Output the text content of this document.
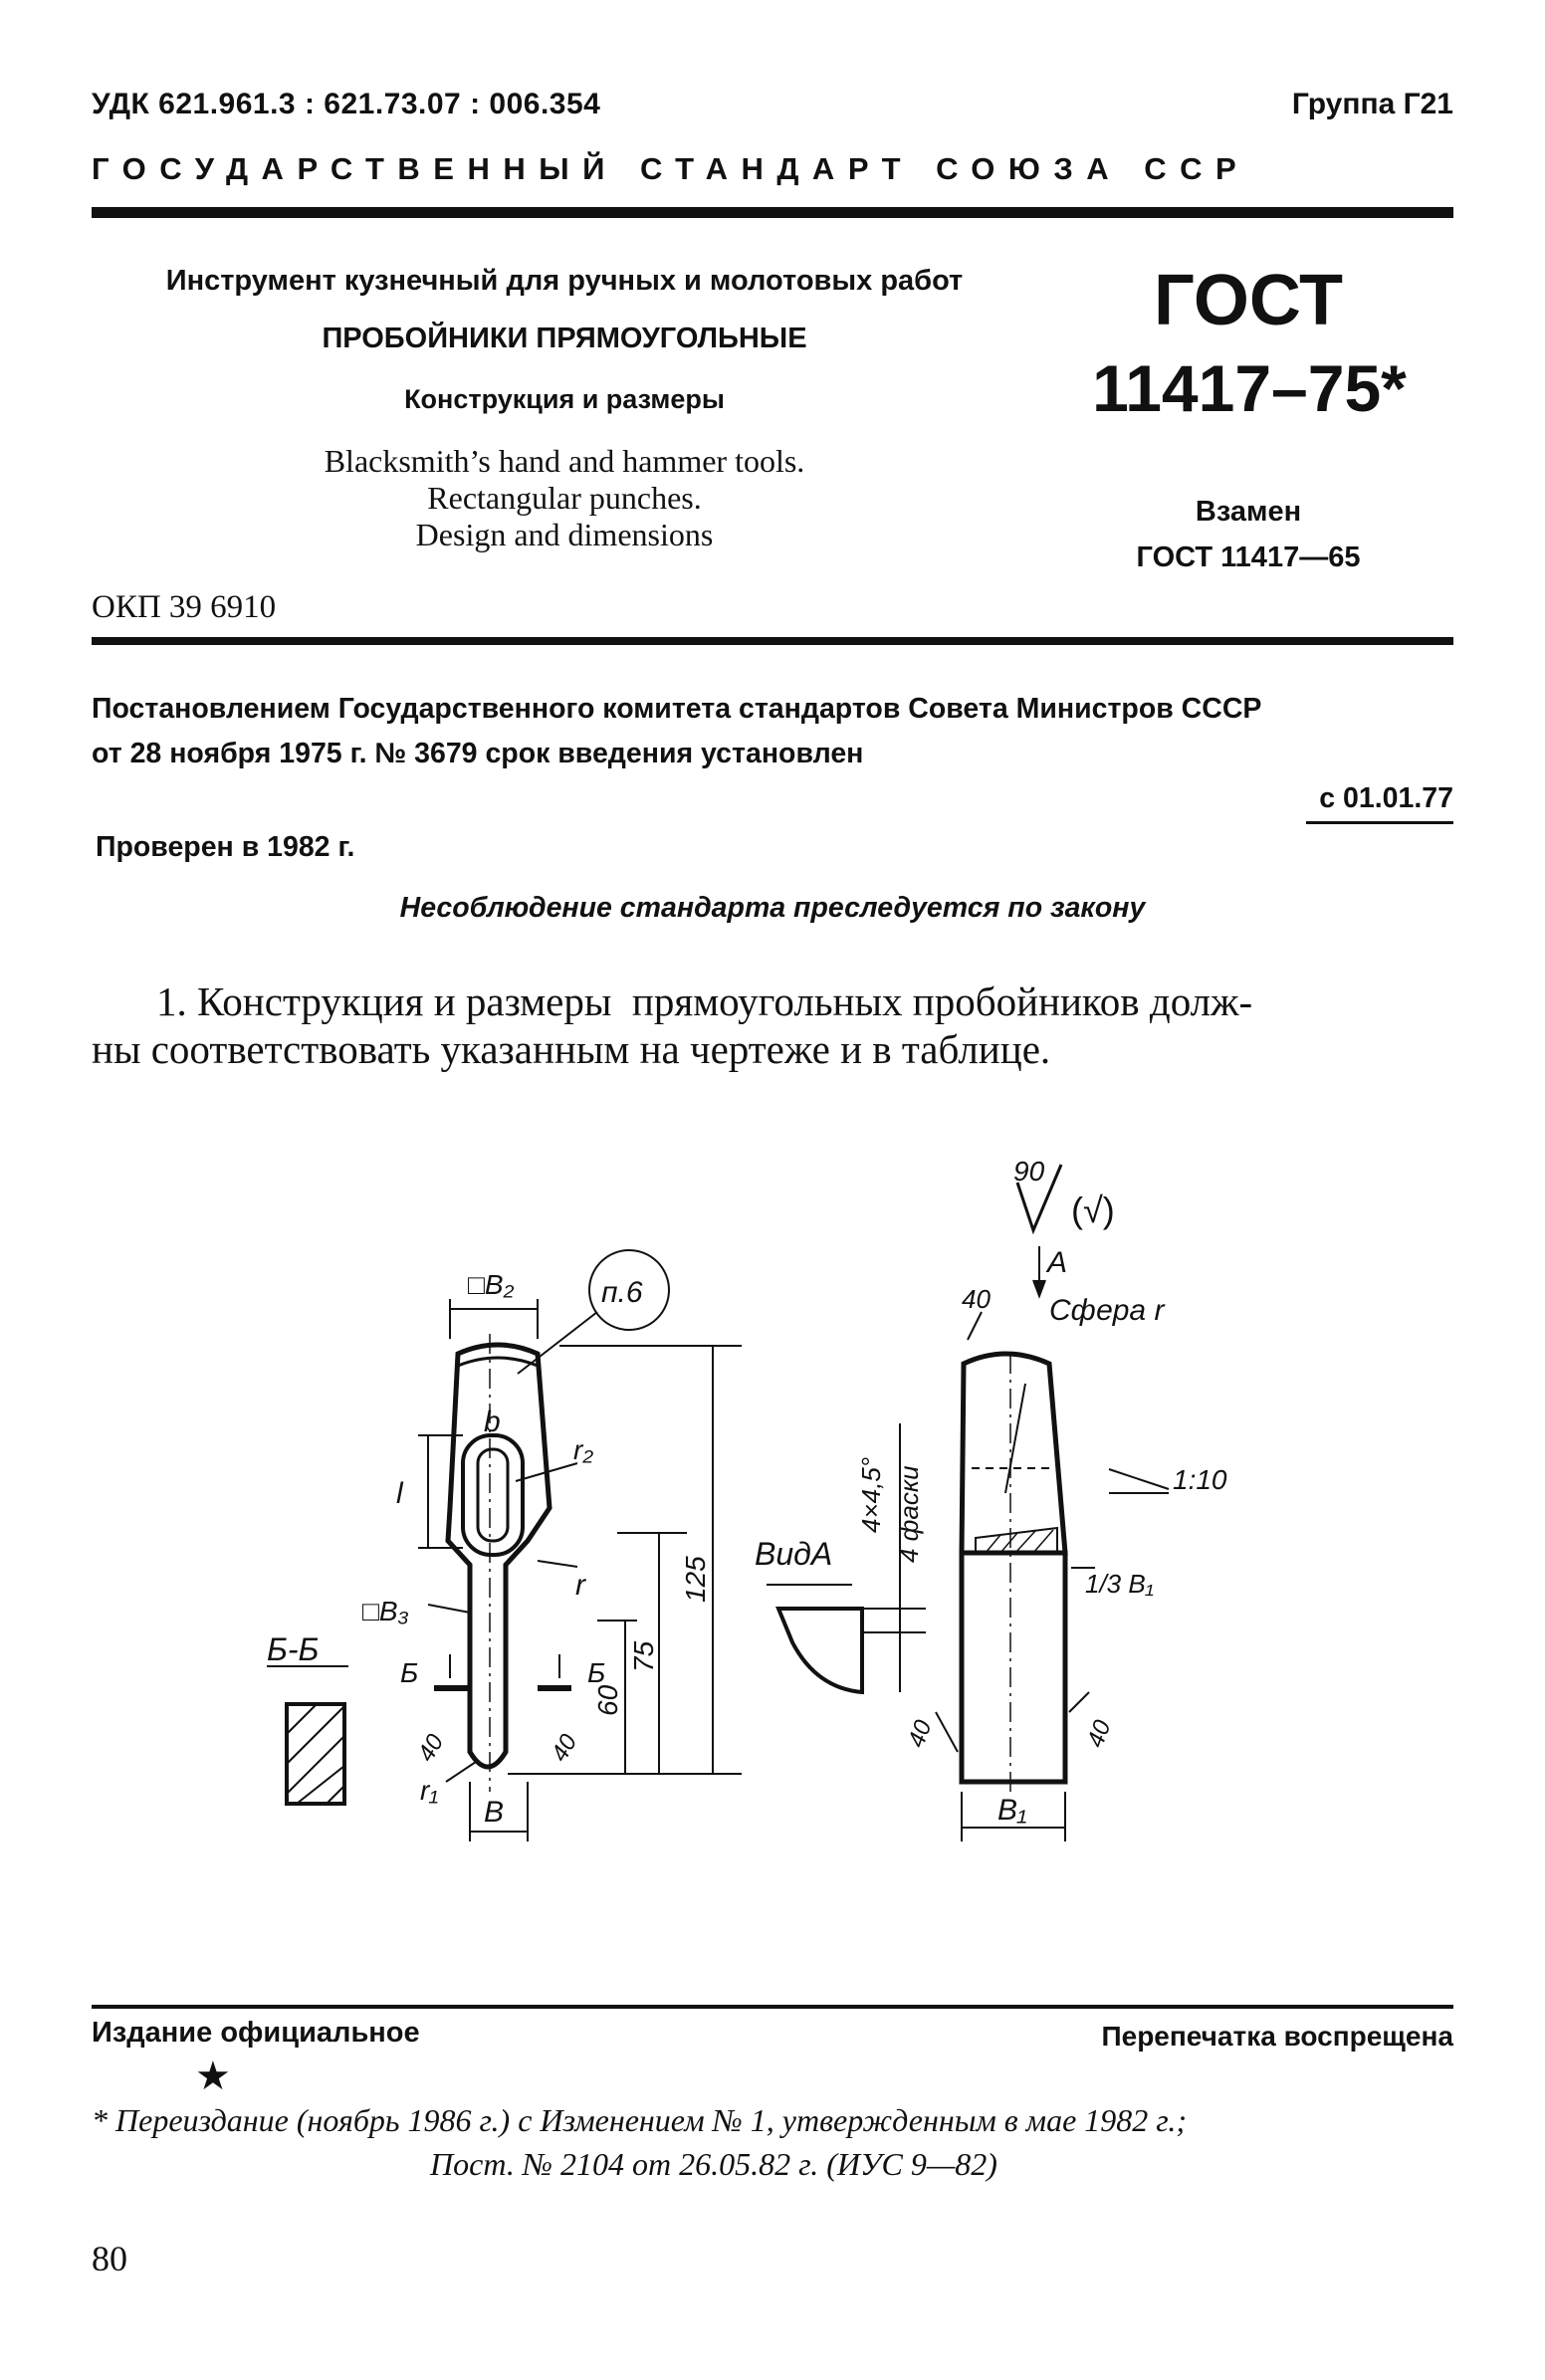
УДК 621.961.3 : 621.73.07 : 006.354	Группа Г21
ГОСУДАРСТВЕННЫЙ СТАНДАРТ СОЮЗА ССР
Инструмент кузнечный для ручных и молотовых работ
ПРОБОЙНИКИ ПРЯМОУГОЛЬНЫЕ
Конструкция и размеры
Blacksmith’s hand and hammer tools.
Rectangular punches.
Design and dimensions
ОКП 39 6910
ГОСТ
11417–75*
Взамен
ГОСТ 11417—65
Постановлением Государственного комитета стандартов Совета Министров СССР
от 28 ноября 1975 г. № 3679 срок введения установлен
с 01.01.77
Проверен в 1982 г.
Несоблюдение стандарта преследуется по закону
1. Конструкция и размеры  прямоугольных пробойников долж-
ны соответствовать указанным на чертеже и в таблице.
□B₂	п.6
b
r₂
l
r
□B₃
Б-Б
Б	Б
40	40
r₁
B
60
75
125
ВидА
4×4,5° 4 фаски
А
40 Сфера r
1:10
1/3 B₁
40	40
B₁
90
(√)
Издание официальное	Перепечатка воспрещена
★
* Переиздание (ноябрь 1986 г.) с Изменением № 1, утвержденным в мае 1982 г.;
Пост. № 2104 от 26.05.82 г. (ИУС 9—82)
80
